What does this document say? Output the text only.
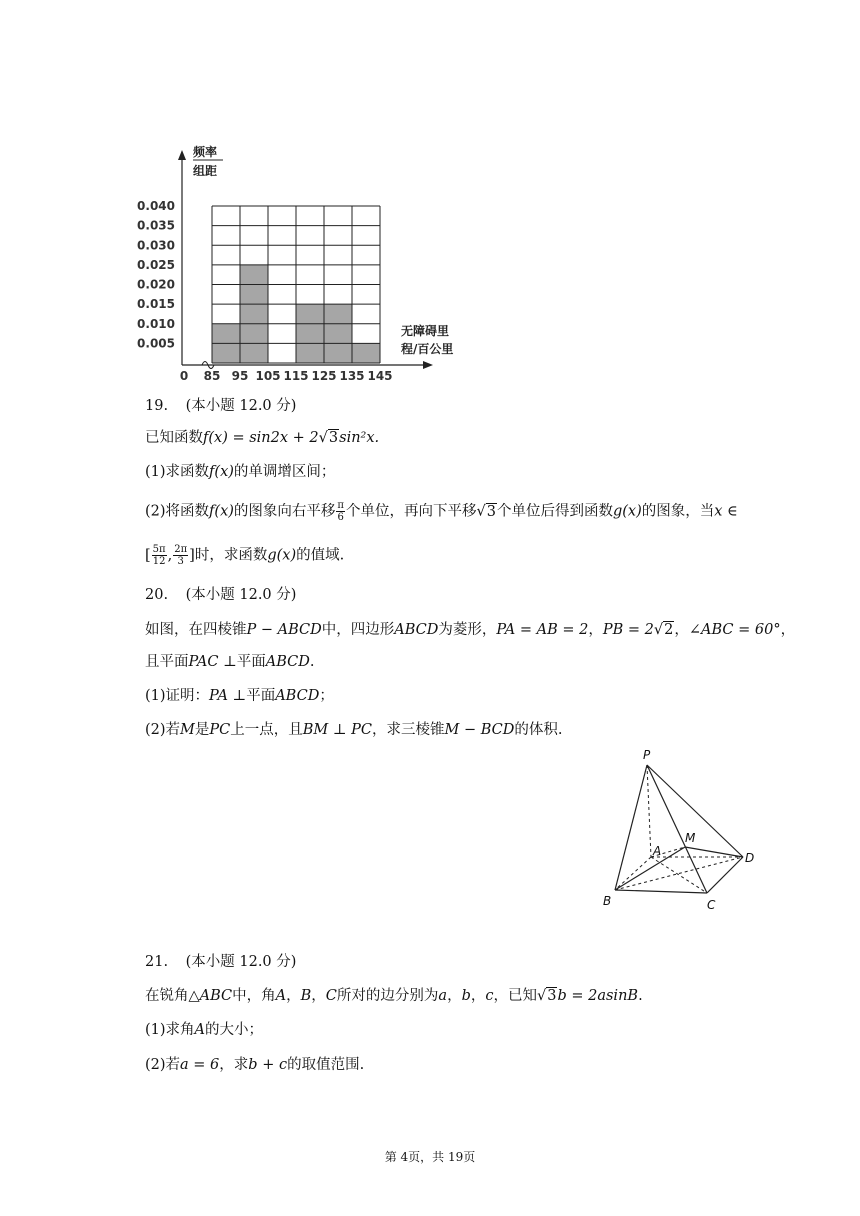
0.040
0.035
0.030
0.025
0.020
0.015
0.010
0.005
0 85 95 105 115 125 135 145
频率
组距
无障碍里
程/百公里
19. (本小题 12.0 分)
已知函数f(x) = sin2x + 2√3sin²x.
(1)求函数f(x)的单调增区间；
(2)将函数f(x)的图象向右平移 $\frac{\pi}{6}$ 个单位，再向下平移√3个单位后得到函数g(x)的图象，当x ∈
[ $\frac{5\pi}{12}$ , $\frac{2\pi}{3}$ ]时，求函数g(x)的值域.
20. (本小题 12.0 分)
如图，在四棱锥P − ABCD中，四边形ABCD为菱形，PA = AB = 2，PB = 2√2，∠ABC = 60°，
且平面PAC ⊥平面ABCD.
(1)证明：PA ⊥平面ABCD；
(2)若M是PC上一点，且BM ⊥ PC，求三棱锥M − BCD的体积.
P
A
B	C
D
M
21. (本小题 12.0 分)
在锐角△ABC中，角A，B，C所对的边分别为a，b，c，已知√3b = 2asinB.
(1)求角A的大小；
(2)若a = 6，求b + c的取值范围.
第 4页，共 19页
